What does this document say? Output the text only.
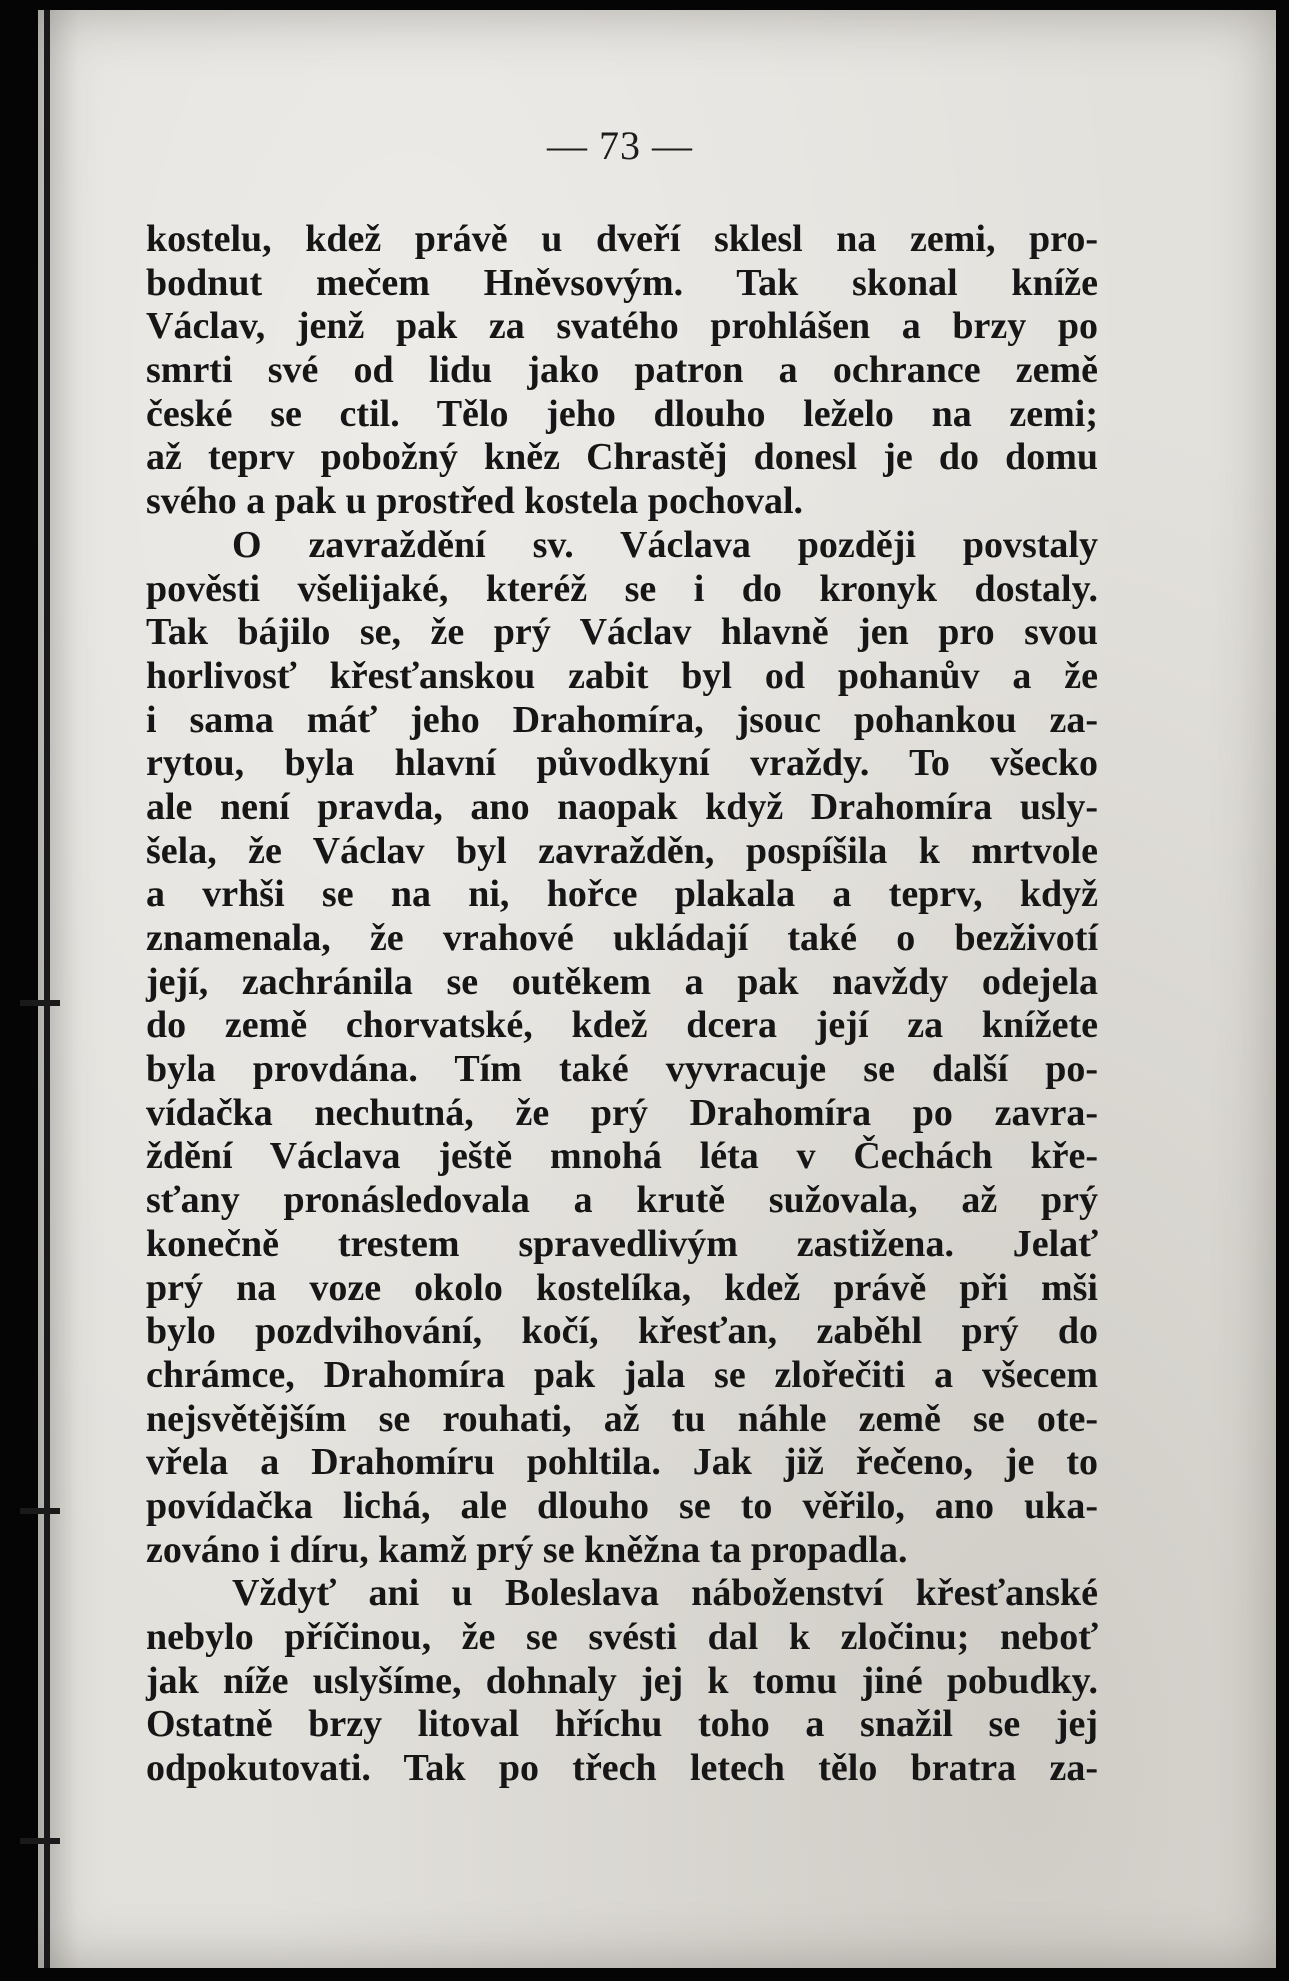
— 73 —
kostelu, kdež právě u dveří sklesl na zemi, pro-
bodnut mečem Hněvsovým. Tak skonal kníže
Václav, jenž pak za svatého prohlášen a brzy po
smrti své od lidu jako patron a ochrance země
české se ctil. Tělo jeho dlouho leželo na zemi;
až teprv pobožný kněz Chrastěj donesl je do domu
svého a pak u prostřed kostela pochoval.
O zavraždění sv. Václava později povstaly
pověsti všelijaké, kteréž se i do kronyk dostaly.
Tak bájilo se, že prý Václav hlavně jen pro svou
horlivosť křesťanskou zabit byl od pohanův a že
i sama máť jeho Drahomíra, jsouc pohankou za-
rytou, byla hlavní původkyní vraždy. To všecko
ale není pravda, ano naopak když Drahomíra usly-
šela, že Václav byl zavražděn, pospíšila k mrtvole
a vrhši se na ni, hořce plakala a teprv, když
znamenala, že vrahové ukládají také o bezživotí
její, zachránila se outěkem a pak navždy odejela
do země chorvatské, kdež dcera její za knížete
byla provdána. Tím také vyvracuje se další po-
vídačka nechutná, že prý Drahomíra po zavra-
ždění Václava ještě mnohá léta v Čechách kře-
sťany pronásledovala a krutě sužovala, až prý
konečně trestem spravedlivým zastižena. Jelať
prý na voze okolo kostelíka, kdež právě při mši
bylo pozdvihování, kočí, křesťan, zaběhl prý do
chrámce, Drahomíra pak jala se zlořečiti a všecem
nejsvětějším se rouhati, až tu náhle země se ote-
vřela a Drahomíru pohltila. Jak již řečeno, je to
povídačka lichá, ale dlouho se to věřilo, ano uka-
zováno i díru, kamž prý se kněžna ta propadla.
Vždyť ani u Boleslava náboženství křesťanské
nebylo příčinou, že se svésti dal k zločinu; neboť
jak níže uslyšíme, dohnaly jej k tomu jiné pobudky.
Ostatně brzy litoval hříchu toho a snažil se jej
odpokutovati. Tak po třech letech tělo bratra za-
